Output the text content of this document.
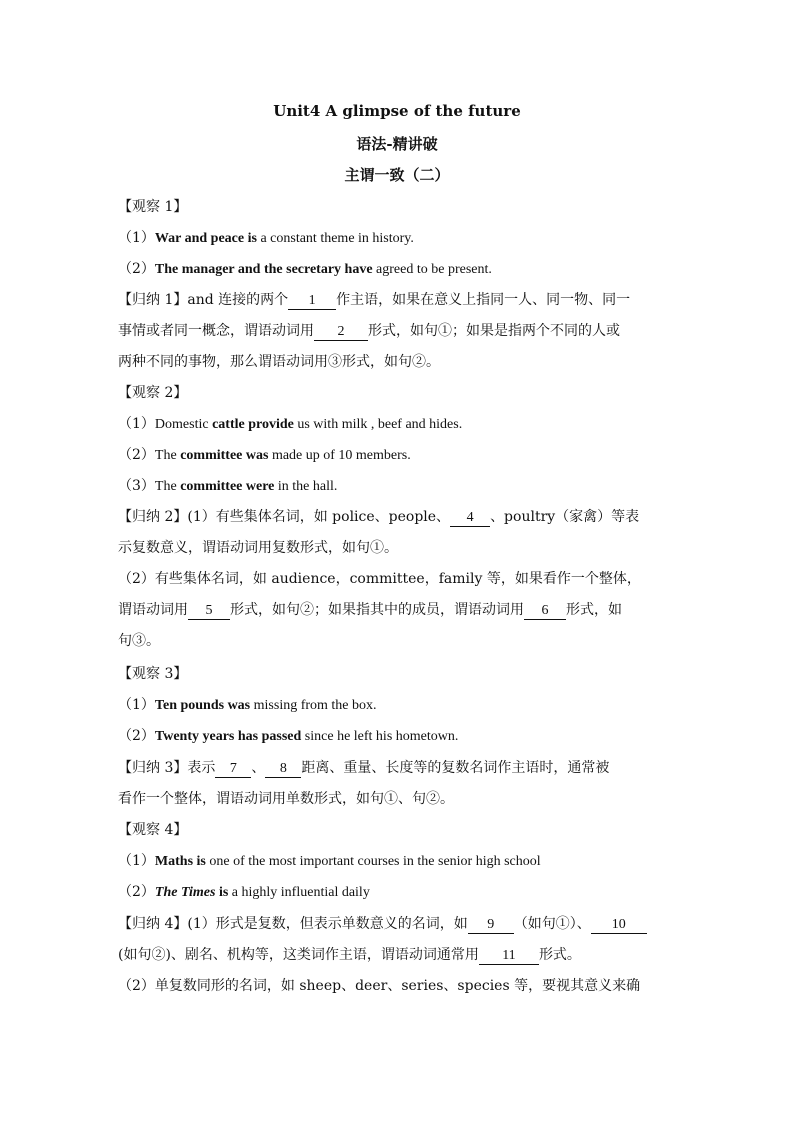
Unit4 A glimpse of the future
语法-精讲破
主谓一致（二）
【观察 1】
（1）War and peace is a constant theme in history.
（2）The manager and the secretary have agreed to be present.
【归纳 1】and 连接的两个 1 作主语，如果在意义上指同一人、同一物、同一
事情或者同一概念，谓语动词用 2 形式，如句①；如果是指两个不同的人或
两种不同的事物，那么谓语动词用③形式，如句②。
【观察 2】
（1）Domestic cattle provide us with milk , beef and hides.
（2）The committee was made up of 10 members.
（3）The committee were in the hall.
【归纳 2】(1）有些集体名词，如 police、people、 4 、poultry（家禽）等表
示复数意义，谓语动词用复数形式，如句①。
（2）有些集体名词，如 audience，committee，family 等，如果看作一个整体，
谓语动词用 5 形式，如句②；如果指其中的成员，谓语动词用 6 形式，如
句③。
【观察 3】
（1）Ten pounds was missing from the box.
（2）Twenty years has passed since he left his hometown.
【归纳 3】表示 7 、 8 距离、重量、长度等的复数名词作主语时，通常被
看作一个整体，谓语动词用单数形式，如句①、句②。
【观察 4】
（1）Maths is one of the most important courses in the senior high school
（2）The Times is a highly influential daily
【归纳 4】(1）形式是复数，但表示单数意义的名词，如 9 （如句①）、 10
(如句②)、剧名、机构等，这类词作主语，谓语动词通常用 11 形式。
（2）单复数同形的名词，如 sheep、deer、series、species 等，要视其意义来确
